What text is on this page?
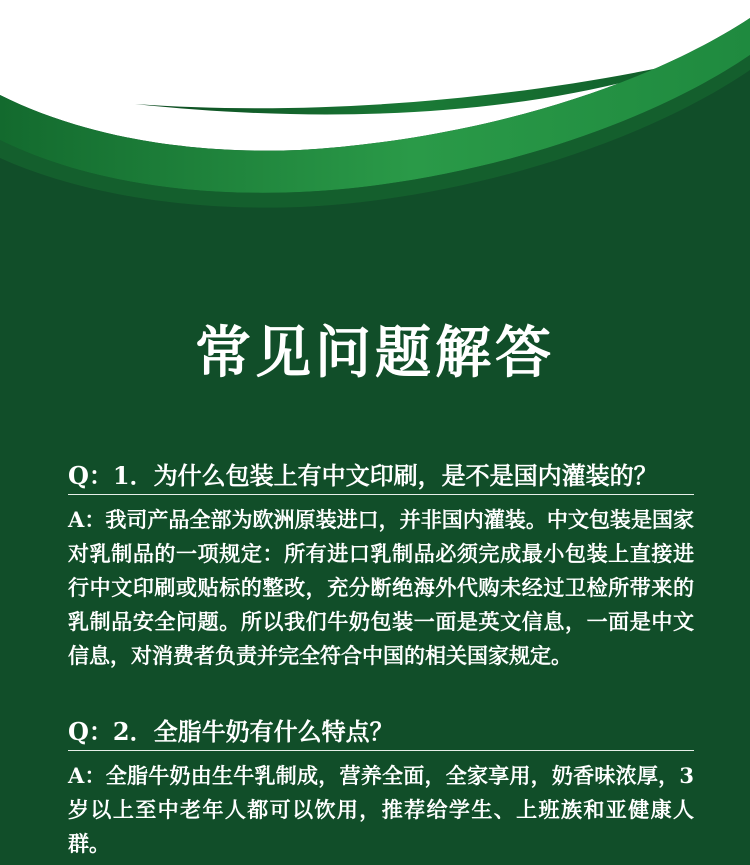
常见问题解答
Q：1．为什么包装上有中文印刷，是不是国内灌装的？
A：我司产品全部为欧洲原装进口，并非国内灌装。中文包装是国家对乳制品的一项规定：所有进口乳制品必须完成最小包装上直接进行中文印刷或贴标的整改，充分断绝海外代购未经过卫检所带来的乳制品安全问题。所以我们牛奶包装一面是英文信息，一面是中文信息，对消费者负责并完全符合中国的相关国家规定。
Q：2．全脂牛奶有什么特点？
A：全脂牛奶由生牛乳制成，营养全面，全家享用，奶香味浓厚，3岁以上至中老年人都可以饮用，推荐给学生、上班族和亚健康人群。
